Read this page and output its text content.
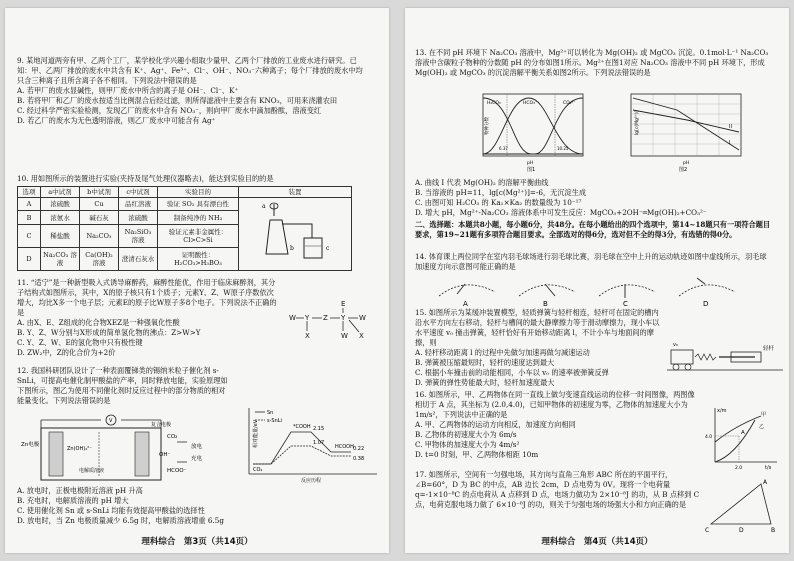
9. 某地河道两旁有甲、乙两个工厂，某学校化学兴趣小组取少量甲、乙两个厂排放的工业废水进行研究。已知：甲、乙两厂排放的废水中共含有 K⁺、Ag⁺、Fe³⁺、Cl⁻、OH⁻、NO₃⁻六种离子；每个厂排放的废水中均只含三种离子且所含离子各不相同。下列说法中错误的是
A. 若甲厂的废水显碱性，则甲厂废水中所含的离子是 OH⁻、Cl⁻、K⁺
B. 若将甲厂和乙厂的废水按适当比例混合后经过滤，则所得滤液中主要含有 KNO₃，可用来浇灌农田
C. 经过科学严密实验检测，发现乙厂的废水中含有 NO₃⁻，则向甲厂废水中滴加酚酞，溶液变红
D. 若乙厂的废水为无色透明溶液，则乙厂废水中可能含有 Ag⁺
10. 用如图所示的装置进行实验(夹持及尾气处理仪器略去)，能达到实验目的的是
选项	a中试剂	b中试剂	c中试剂	实验目的	装置
A	浓硫酸	Cu	品红溶液	验证 SO₂ 具有漂白性	a
b c

B	浓氨水	碱石灰	浓硫酸	制备纯净的 NH₃	
C	稀盐酸	Na₂CO₃	Na₂SiO₃ 溶液	验证元素非金属性：Cl>C>Si	
D	Na₂CO₃ 溶液	Ca(OH)₂ 溶液	澄清石灰水	证明酸性：H₂CO₃>H₃BO₃	
11. “适宁”是一种新型吸入式诱导麻醉药，麻醉性能优，作用于临床麻醉剂，其分子结构式如图所示，其中，X的原子核只有1个质子；元素Y、Z、W原子序数依次增大，均比X多一个电子层；元素E的原子比W原子多8个电子。下列说法不正确的是
A. 由X、E、Z组成的化合物XEZ是一种强氧化性酸
B. Y、Z、W分别与X形成的简单氢化物的沸点：Z>W>Y
C. Y、Z、W、E的氢化物中只有极性键
D. ZW₂中，Z的化合价为+2价
W Y Z Y W
X
E
W X
12. 我国科研团队设计了一种表面覆锑类的锡纳米粒子催化剂 s-SnLi，可提高电催化制甲酸盐的产率，同时释放电能，实验原理如下图所示，图乙为使用不同催化剂时反应过程中的部分物质的相对能量变化。下列说法错误的是
V
Zn电极
Zn(OH)₄²⁻
复合电极
CO₂
HCOO⁻
OH⁻
放电
充电
电解质溶液
相对能量/eV
Sn
s-SnLi
*COOH
HCOOH
CO₂
0.38
2.15
1.07
0.22
反应历程
A. 放电时，正极电极附近溶液 pH 升高
B. 充电时，电解质溶液的 pH 增大
C. 使用催化剂 Sn 或 s-SnLi 均能有效提高甲酸盐的选择性
D. 放电时，当 Zn 电极质量减少 6.5g 时，电解质溶液增重 6.5g
理科综合　第3页（共14页）
13. 在不同 pH 环境下 Na₂CO₃ 溶液中，Mg²⁺可以转化为 Mg(OH)₂ 或 MgCO₃ 沉淀。0.1mol·L⁻¹ Na₂CO₃ 溶液中含碳粒子物种的分数随 pH 的分布如图1所示。Mg²⁺在图1对应 Na₂CO₃ 溶液中不同 pH 环境下，形成 Mg(OH)₂ 或 MgCO₃ 的沉淀溶解平衡关系如图2所示。下列说法错误的是
物种分数
H₂CO₃	HCO₃⁻	CO₃²⁻
6.37	10.25
pH
图1
lg[c(Mg²⁺)]
I
II
pH
图2
A. 曲线 I 代表 Mg(OH)₂ 的溶解平衡曲线
B. 当溶液的 pH=11，lg[c(Mg²⁺)]=-6，无沉淀生成
C. 由图可知 H₂CO₃ 的 Ka₁×Ka₂ 的数量级为 10⁻¹⁷
D. 增大 pH，Mg²⁺-Na₂CO₃ 溶液体系中可发生反应：MgCO₃+2OH⁻═Mg(OH)₂+CO₃²⁻
二、选择题：本题共8小题，每小题6分，共48分。在每小题给出的四个选项中，第14~18题只有一项符合题目要求，第19~21题有多项符合题目要求。全部选对的得6分，选对但不全的得3分，有选错的得0分。
14. 体育课上两位同学在室内羽毛球场进行羽毛球比赛，羽毛球在空中上升的运动轨迹如图中虚线所示，羽毛球加速度方向示意图可能正确的是
A	B	C	D
15. 如图所示为某缓冲装置模型，轻质弹簧与轻杆相连，轻杆可在固定的槽内沿水平方向左右移动，轻杆与槽间的最大静摩擦力等于滑动摩擦力，现小车以水平速度 v₀ 撞击弹簧，轻杆恰好有开始移动距离 l，不计小车与地面间的摩擦，则
A. 轻杆移动距离 l 的过程中先做匀加速再做匀减速运动
B. 弹簧被压缩最短时，轻杆的速度达到最大
C. 根据小车撞击前的动能相同，小车以 v₀ 的速率被弹簧反弹
D. 弹簧的弹性势能最大时，轻杆加速度最大
v₀
轻杆
16. 如图所示，甲、乙两物体在同一直线上做匀变速直线运动的位移一时间图像，两图像相切于 A 点，其坐标为 (2.0,4.0)，已知甲物体的初速度为零，乙物体的加速度大小为 1m/s²，下列说法中正确的是
A. 甲、乙两物体的运动方向相反，加速度方向相同
B. 乙物体的初速度大小为 6m/s
C. 甲物体的加速度大小为 4m/s²
D. t=0 时刻，甲、乙两物体相距 10m
x/m
t/s
A
4.0
2.0
甲
乙
17. 如图所示，空间有一匀强电场，其方向与直角三角形 ABC 所在的平面平行，∠B=60°，D 为 BC 的中点，AB 边长 2cm，D 点电势为 0V。现将一个电荷量 q=-1×10⁻⁸C 的点电荷从 A 点移到 D 点，电场力做功为 2×10⁻⁸J 的功，从 B 点移到 C 点，电荷克服电场力做了 6×10⁻⁸J 的功，则关于匀强电场的场强大小和方向正确的是
A
B
C	D
理科综合　第4页（共14页）
